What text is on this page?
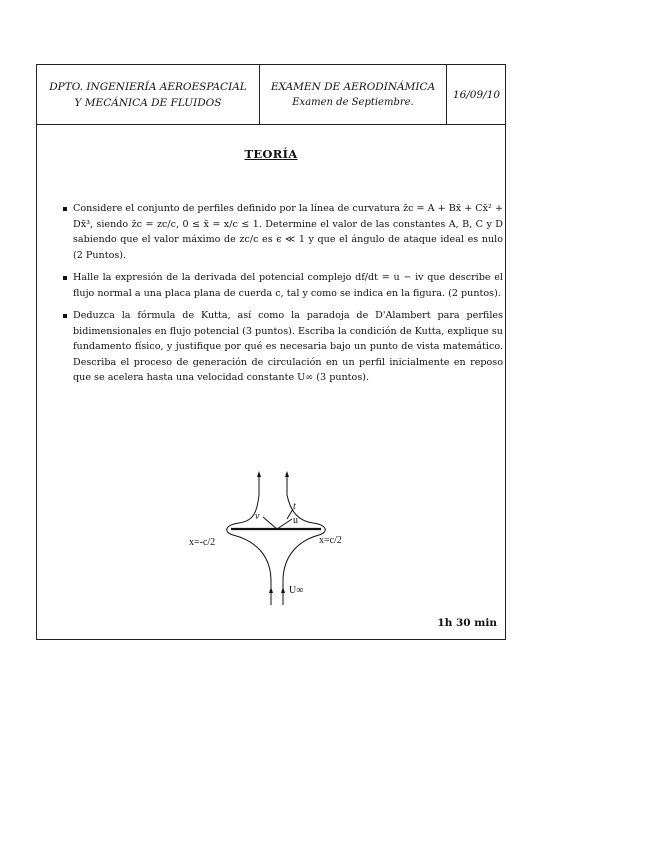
DPTO. INGENIERÍA AEROESPACIAL
Y MECÁNICA DE FLUIDOS
EXAMEN DE AERODINÁMICA
Examen de Septiembre.
16/09/10
TEORÍA
Considere el conjunto de perfiles definido por la línea de curvatura z̄c = A + Bx̄ + Cx̄² + Dx̄³, siendo z̄c = zc/c, 0 ≤ x̄ = x/c ≤ 1. Determine el valor de las constantes A, B, C y D sabiendo que el valor máximo de zc/c es ϵ ≪ 1 y que el ángulo de ataque ideal es nulo (2 Puntos).
Halle la expresión de la derivada del potencial complejo df/dt = u − iv que describe el flujo normal a una placa plana de cuerda c, tal y como se indica en la figura. (2 puntos).
Deduzca la fórmula de Kutta, así como la paradoja de D'Alambert para perfiles bidimensionales en flujo potencial (3 puntos). Escriba la condición de Kutta, explique su fundamento físico, y justifique por qué es necesaria bajo un punto de vista matemático. Describa el proceso de generación de circulación en un perfil inicialmente en reposo que se acelera hasta una velocidad constante U∞ (3 puntos).
x=-c/2	x=c/2
v	u
t
U∞
1h 30 min
